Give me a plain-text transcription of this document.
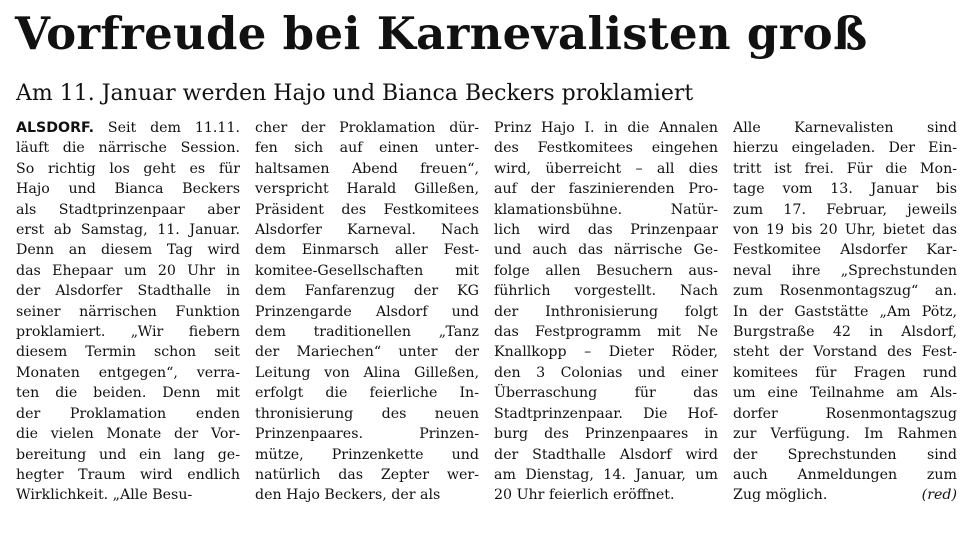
Vorfreude bei Karnevalisten groß
Am 11. Januar werden Hajo und Bianca Beckers proklamiert
ALSDORF. Seit dem 11.11.
läuft die närrische Session.
So richtig los geht es für
Hajo und Bianca Beckers
als Stadtprinzenpaar aber
erst ab Samstag, 11. Januar.
Denn an diesem Tag wird
das Ehepaar um 20 Uhr in
der Alsdorfer Stadthalle in
seiner närrischen Funktion
proklamiert. „Wir fiebern
diesem Termin schon seit
Monaten entgegen“, verra-
ten die beiden. Denn mit
der Proklamation enden
die vielen Monate der Vor-
bereitung und ein lang ge-
hegter Traum wird endlich
Wirklichkeit. „Alle Besu-
cher der Proklamation dür-
fen sich auf einen unter-
haltsamen Abend freuen“,
verspricht Harald Gilleßen,
Präsident des Festkomitees
Alsdorfer Karneval. Nach
dem Einmarsch aller Fest-
komitee-Gesellschaften mit
dem Fanfarenzug der KG
Prinzengarde Alsdorf und
dem traditionellen „Tanz
der Mariechen“ unter der
Leitung von Alina Gilleßen,
erfolgt die feierliche In-
thronisierung des neuen
Prinzenpaares. Prinzen-
mütze, Prinzenkette und
natürlich das Zepter wer-
den Hajo Beckers, der als
Prinz Hajo I. in die Annalen
des Festkomitees eingehen
wird, überreicht – all dies
auf der faszinierenden Pro-
klamationsbühne. Natür-
lich wird das Prinzenpaar
und auch das närrische Ge-
folge allen Besuchern aus-
führlich vorgestellt. Nach
der Inthronisierung folgt
das Festprogramm mit Ne
Knallkopp – Dieter Röder,
den 3 Colonias und einer
Überraschung für das
Stadtprinzenpaar. Die Hof-
burg des Prinzenpaares in
der Stadthalle Alsdorf wird
am Dienstag, 14. Januar, um
20 Uhr feierlich eröffnet.
Alle Karnevalisten sind
hierzu eingeladen. Der Ein-
tritt ist frei. Für die Mon-
tage vom 13. Januar bis
zum 17. Februar, jeweils
von 19 bis 20 Uhr, bietet das
Festkomitee Alsdorfer Kar-
neval ihre „Sprechstunden
zum Rosenmontagszug“ an.
In der Gaststätte „Am Pötz,
Burgstraße 42 in Alsdorf,
steht der Vorstand des Fest-
komitees für Fragen rund
um eine Teilnahme am Als-
dorfer Rosenmontagszug
zur Verfügung. Im Rahmen
der Sprechstunden sind
auch Anmeldungen zum
Zug möglich.	(red)
